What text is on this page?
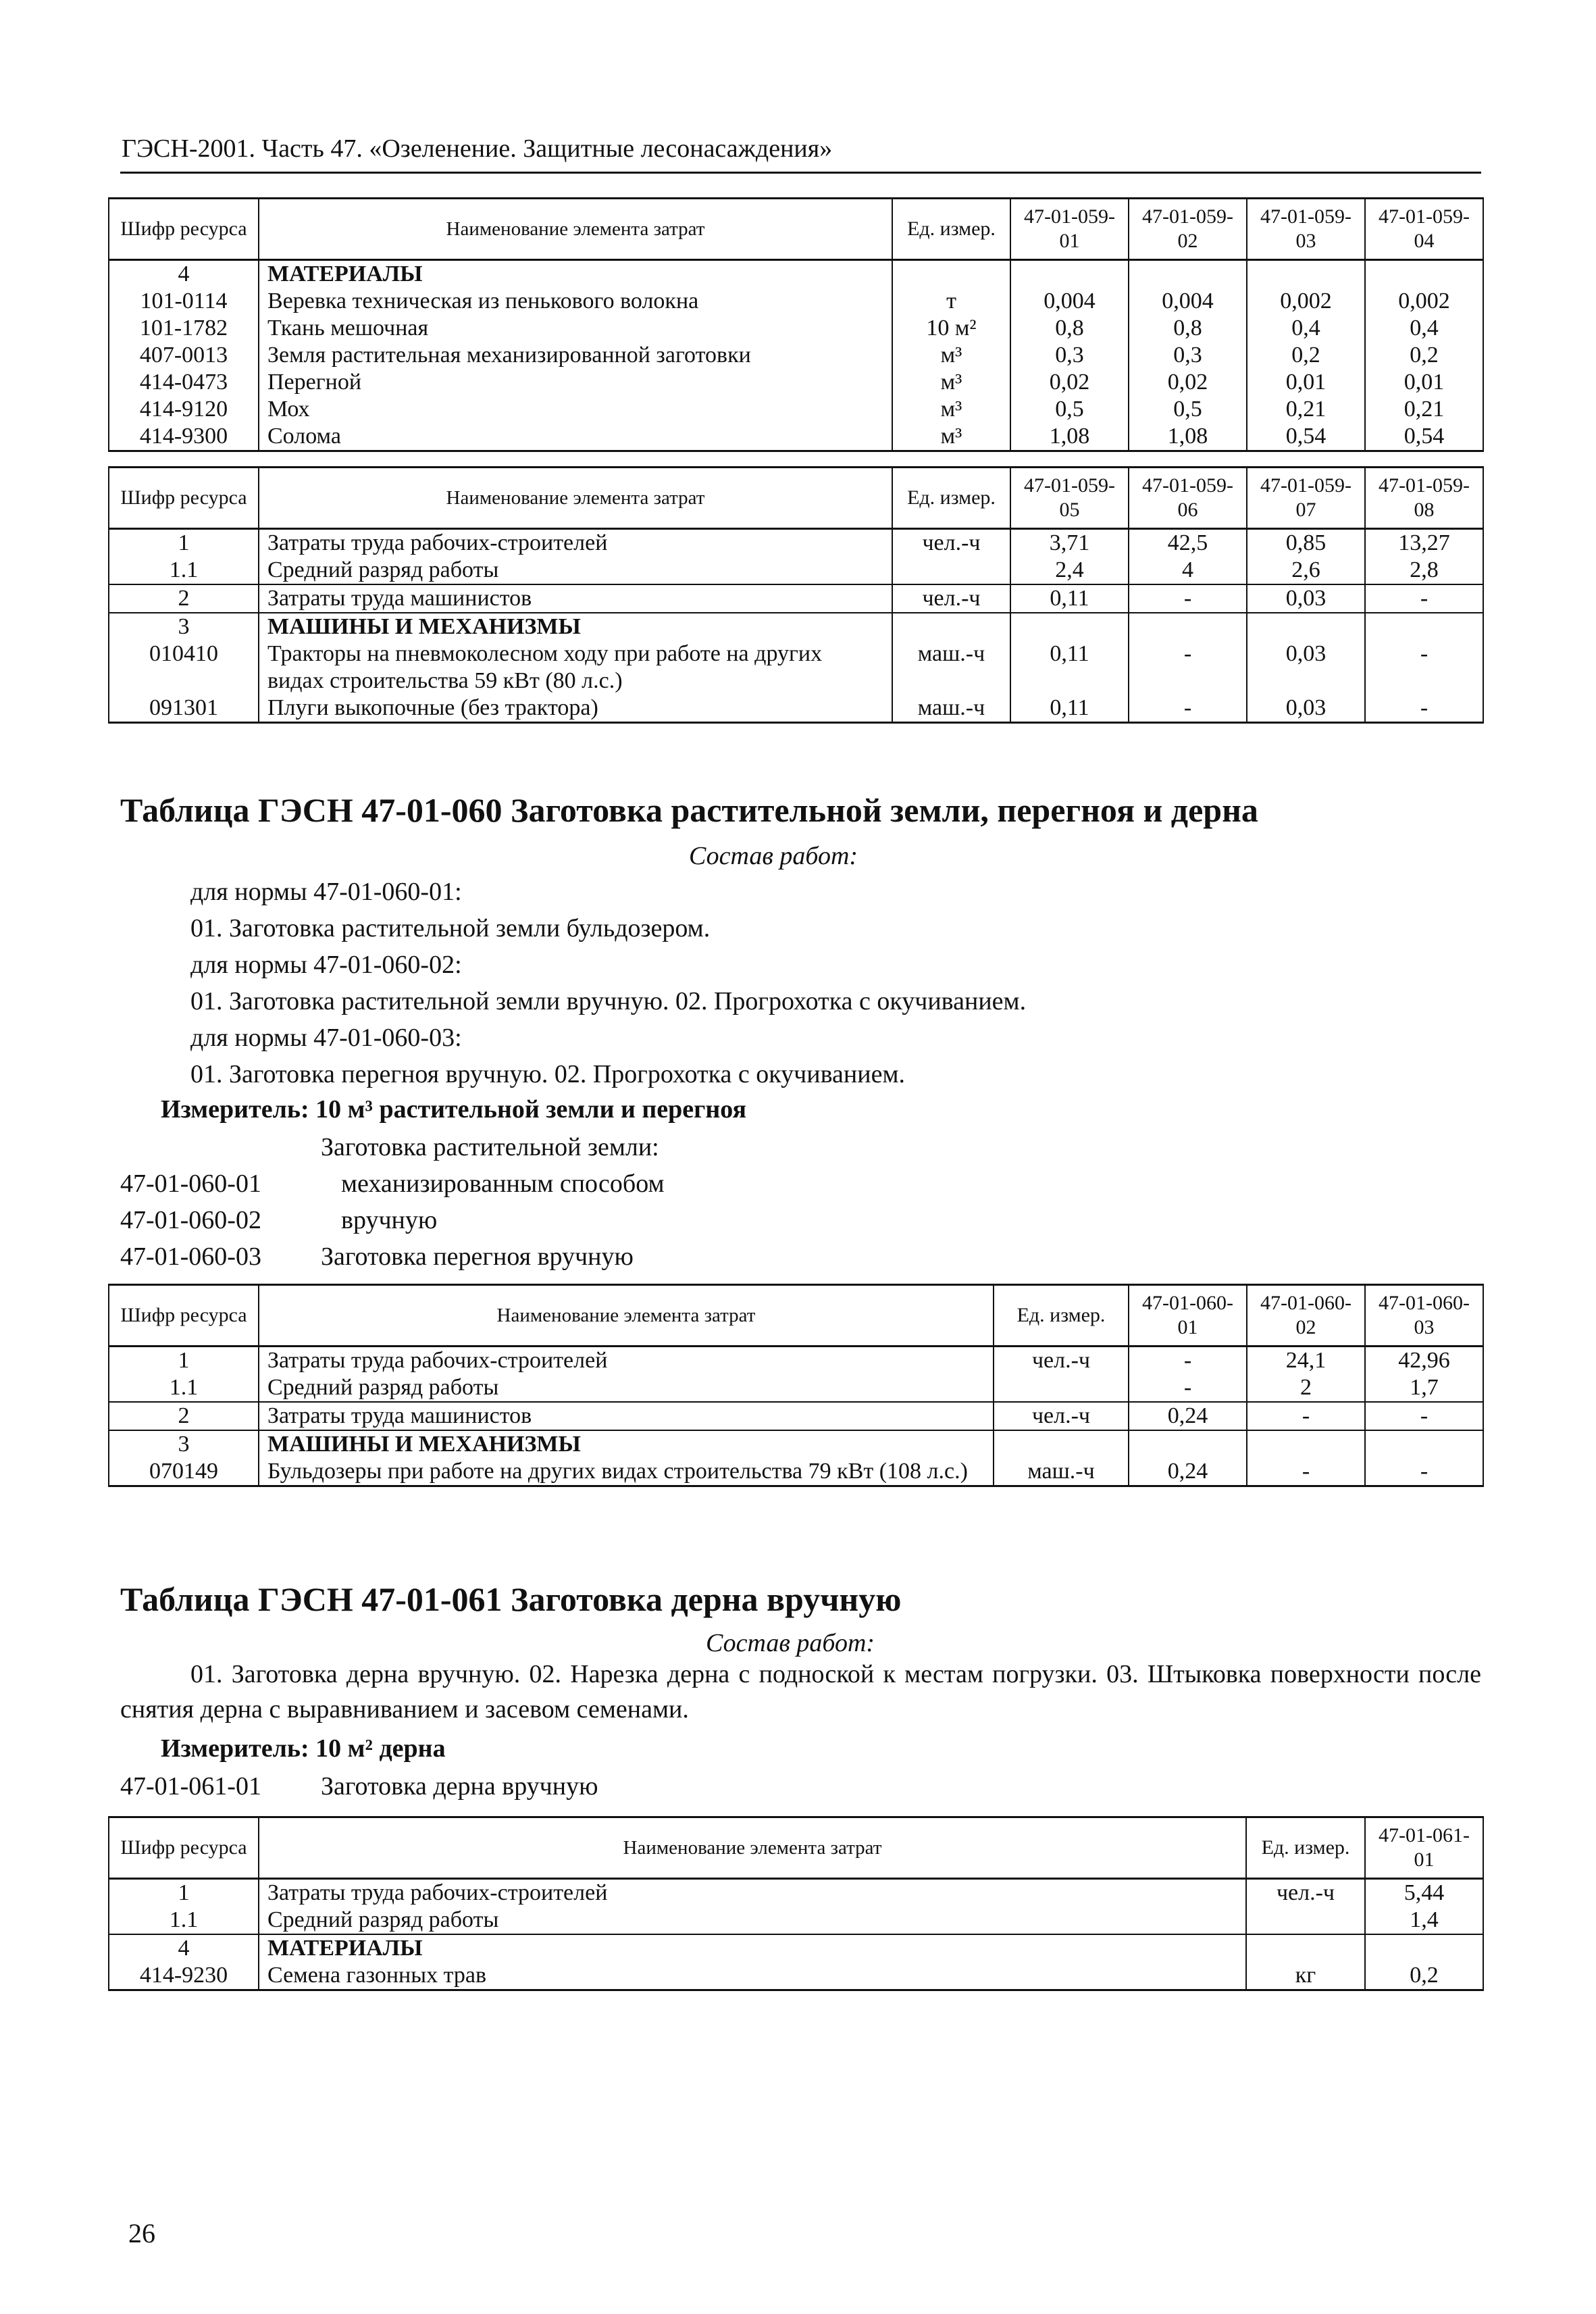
ГЭСН-2001. Часть 47. «Озеленение. Защитные лесонасаждения»
Шифр ресурса	Наименование элемента затрат	Ед. измер.	47-01-059-01	47-01-059-02	47-01-059-03	47-01-059-04
4	МАТЕРИАЛЫ					
101-0114	Веревка техническая из пенькового волокна	т	0,004	0,004	0,002	0,002
101-1782	Ткань мешочная	10 м²	0,8	0,8	0,4	0,4
407-0013	Земля растительная механизированной заготовки	м³	0,3	0,3	0,2	0,2
414-0473	Перегной	м³	0,02	0,02	0,01	0,01
414-9120	Мох	м³	0,5	0,5	0,21	0,21
414-9300	Солома	м³	1,08	1,08	0,54	0,54
Шифр ресурса	Наименование элемента затрат	Ед. измер.	47-01-059-05	47-01-059-06	47-01-059-07	47-01-059-08
1	Затраты труда рабочих-строителей	чел.-ч	3,71	42,5	0,85	13,27
1.1	Средний разряд работы		2,4	4	2,6	2,8
2	Затраты труда машинистов	чел.-ч	0,11	-	0,03	-
3	МАШИНЫ И МЕХАНИЗМЫ					
010410	Тракторы на пневмоколесном ходу при работе на других видах строительства 59 кВт (80 л.с.)	маш.-ч	0,11	-	0,03	-
091301	Плуги выкопочные (без трактора)	маш.-ч	0,11	-	0,03	-
Таблица ГЭСН 47-01-060 Заготовка растительной земли, перегноя и дерна
Состав работ:
для нормы 47-01-060-01:
01. Заготовка растительной земли бульдозером.
для нормы 47-01-060-02:
01. Заготовка растительной земли вручную. 02. Прогрохотка с окучиванием.
для нормы 47-01-060-03:
01. Заготовка перегноя вручную. 02. Прогрохотка с окучиванием.
Измеритель: 10 м³ растительной земли и перегноя
Заготовка растительной земли:
47-01-060-01	механизированным способом
47-01-060-02	вручную
47-01-060-03 Заготовка перегноя вручную
Шифр ресурса	Наименование элемента затрат	Ед. измер.	47-01-060-01	47-01-060-02	47-01-060-03
1	Затраты труда рабочих-строителей	чел.-ч	-	24,1	42,96
1.1	Средний разряд работы		-	2	1,7
2	Затраты труда машинистов	чел.-ч	0,24	-	-
3	МАШИНЫ И МЕХАНИЗМЫ				
070149	Бульдозеры при работе на других видах строительства 79 кВт (108 л.с.)	маш.-ч	0,24	-	-
Таблица ГЭСН 47-01-061 Заготовка дерна вручную
Состав работ:
01. Заготовка дерна вручную. 02. Нарезка дерна с подноской к местам погрузки. 03. Штыковка поверхности после снятия дерна с выравниванием и засевом семенами.
Измеритель: 10 м² дерна
47-01-061-01 Заготовка дерна вручную
Шифр ресурса	Наименование элемента затрат	Ед. измер.	47-01-061-01
1	Затраты труда рабочих-строителей	чел.-ч	5,44
1.1	Средний разряд работы		1,4
4	МАТЕРИАЛЫ		
414-9230	Семена газонных трав	кг	0,2
26
